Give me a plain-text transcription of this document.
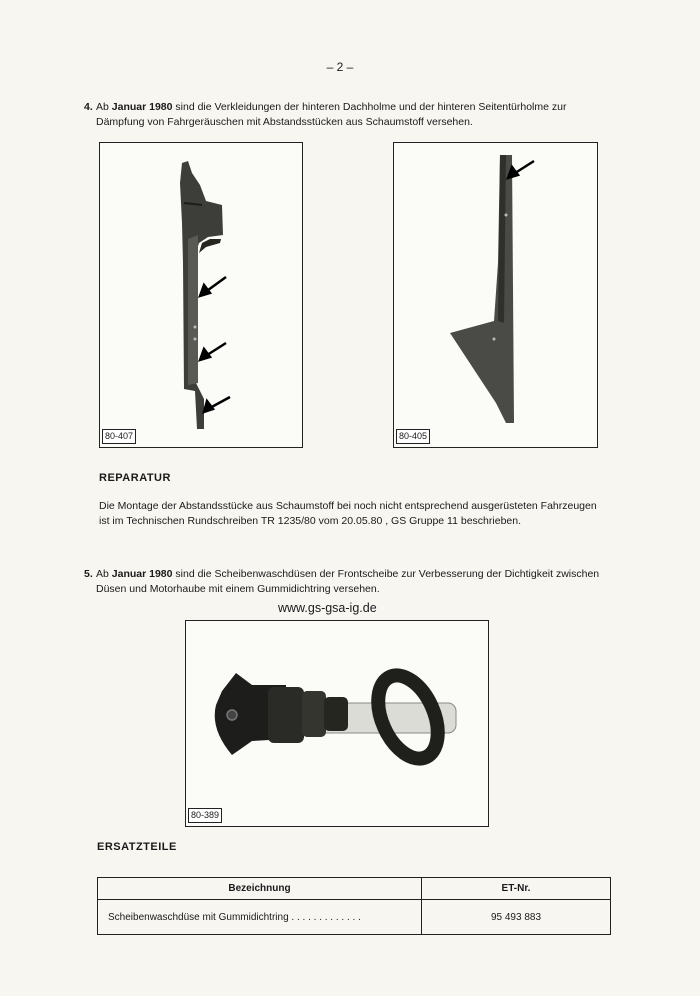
– 2 –
4. Ab Januar 1980 sind die Verkleidungen der hinteren Dachholme und der hinteren Seitentürholme zur Dämpfung von Fahrgeräuschen mit Abstandsstücken aus Schaumstoff versehen.
80-407	80-405
REPARATUR
Die Montage der Abstandsstücke aus Schaumstoff bei noch nicht entsprechend ausgerüsteten Fahrzeugen ist im Technischen Rundschreiben TR 1235/80 vom 20.05.80 , GS Gruppe 11 beschrieben.
5. Ab Januar 1980 sind die Scheibenwaschdüsen der Frontscheibe zur Verbesserung der Dichtigkeit zwischen Düsen und Motorhaube mit einem Gummidichtring versehen.
www.gs-gsa-ig.de
80-389
ERSATZTEILE
Bezeichnung	ET-Nr.
Scheibenwaschdüse mit Gummidichtring . . . . . . . . . . . . .	95 493 883
